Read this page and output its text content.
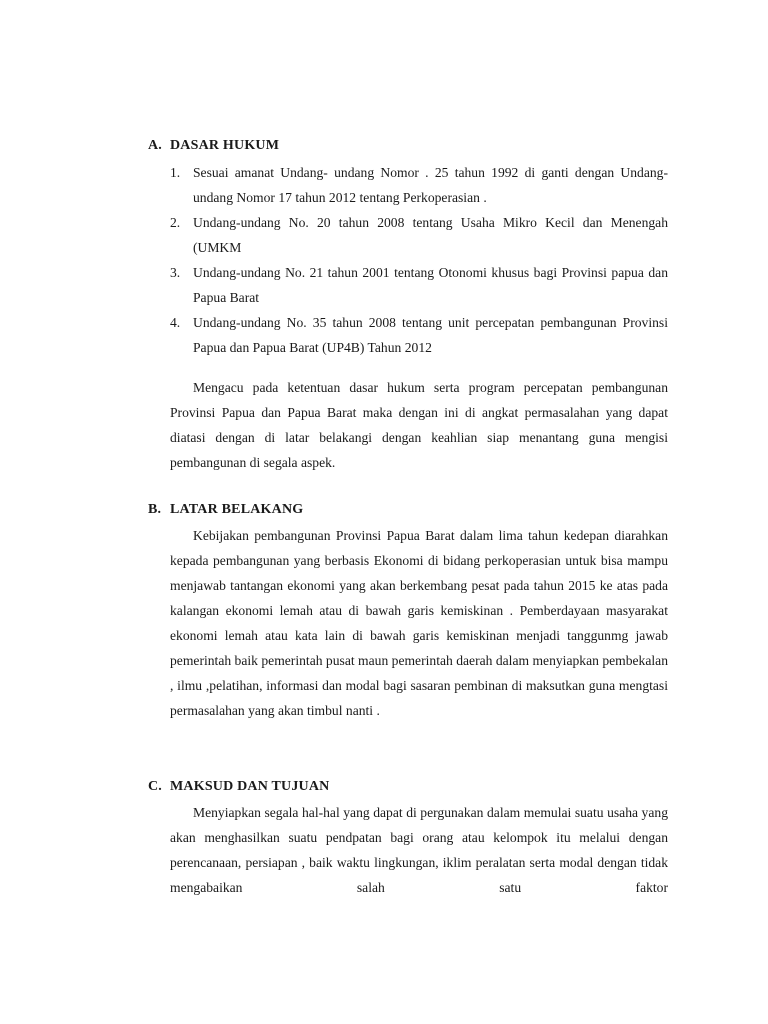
A. DASAR HUKUM
1. Sesuai amanat Undang- undang Nomor . 25 tahun 1992 di ganti dengan Undang-undang Nomor 17 tahun 2012 tentang Perkoperasian .
2. Undang-undang No. 20 tahun 2008 tentang Usaha Mikro Kecil dan Menengah (UMKM
3. Undang-undang No. 21 tahun 2001 tentang Otonomi khusus bagi Provinsi papua dan Papua Barat
4. Undang-undang No. 35 tahun 2008 tentang unit percepatan pembangunan Provinsi Papua dan Papua Barat (UP4B) Tahun 2012

Mengacu pada ketentuan dasar hukum serta program percepatan pembangunan Provinsi Papua dan Papua Barat maka dengan ini di angkat permasalahan yang dapat diatasi dengan di latar belakangi dengan keahlian siap menantang guna mengisi pembangunan di segala aspek.

B. LATAR BELAKANG

Kebijakan pembangunan Provinsi Papua Barat dalam lima tahun kedepan diarahkan kepada pembangunan yang berbasis Ekonomi di bidang perkoperasian untuk bisa mampu menjawab tantangan ekonomi yang akan berkembang pesat pada tahun 2015 ke atas pada kalangan ekonomi lemah atau di bawah garis kemiskinan . Pemberdayaan masyarakat ekonomi lemah atau kata lain di bawah garis kemiskinan menjadi tanggunmg jawab pemerintah baik pemerintah pusat maun pemerintah daerah dalam menyiapkan pembekalan , ilmu ,pelatihan, informasi dan modal bagi sasaran pembinan di maksutkan guna mengtasi permasalahan yang akan timbul nanti .

C. MAKSUD DAN TUJUAN

Menyiapkan segala hal-hal yang dapat di pergunakan dalam memulai suatu usaha yang akan menghasilkan suatu pendpatan bagi orang atau kelompok itu melalui dengan perencanaan, persiapan , baik waktu lingkungan, iklim peralatan serta modal dengan tidak mengabaikan salah satu faktor
